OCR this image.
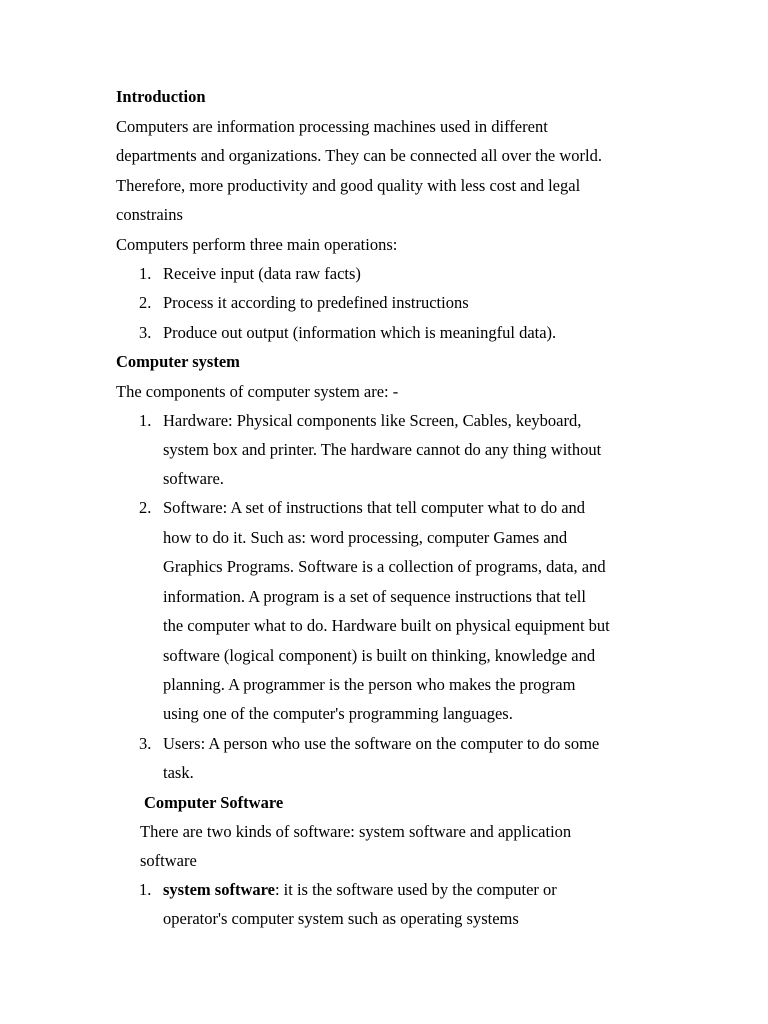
Introduction
Computers are information processing machines used in different
departments and organizations. They can be connected all over the world.
Therefore, more productivity and good quality with less cost and legal
constrains
Computers perform three main operations:
1. Receive input (data raw facts)
2. Process it according to predefined instructions
3. Produce out output (information which is meaningful data).
Computer system
The components of computer system are: -
1. Hardware: Physical components like Screen, Cables, keyboard,
system box and printer. The hardware cannot do any thing without
software.
2. Software: A set of instructions that tell computer what to do and
how to do it. Such as: word processing, computer Games and
Graphics Programs. Software is a collection of programs, data, and
information. A program is a set of sequence instructions that tell
the computer what to do. Hardware built on physical equipment but
software (logical component) is built on thinking, knowledge and
planning. A programmer is the person who makes the program
using one of the computer's programming languages.
3. Users: A person who use the software on the computer to do some
task.
Computer Software
There are two kinds of software: system software and application
software
1. system software: it is the software used by the computer or
operator's computer system such as operating systems
